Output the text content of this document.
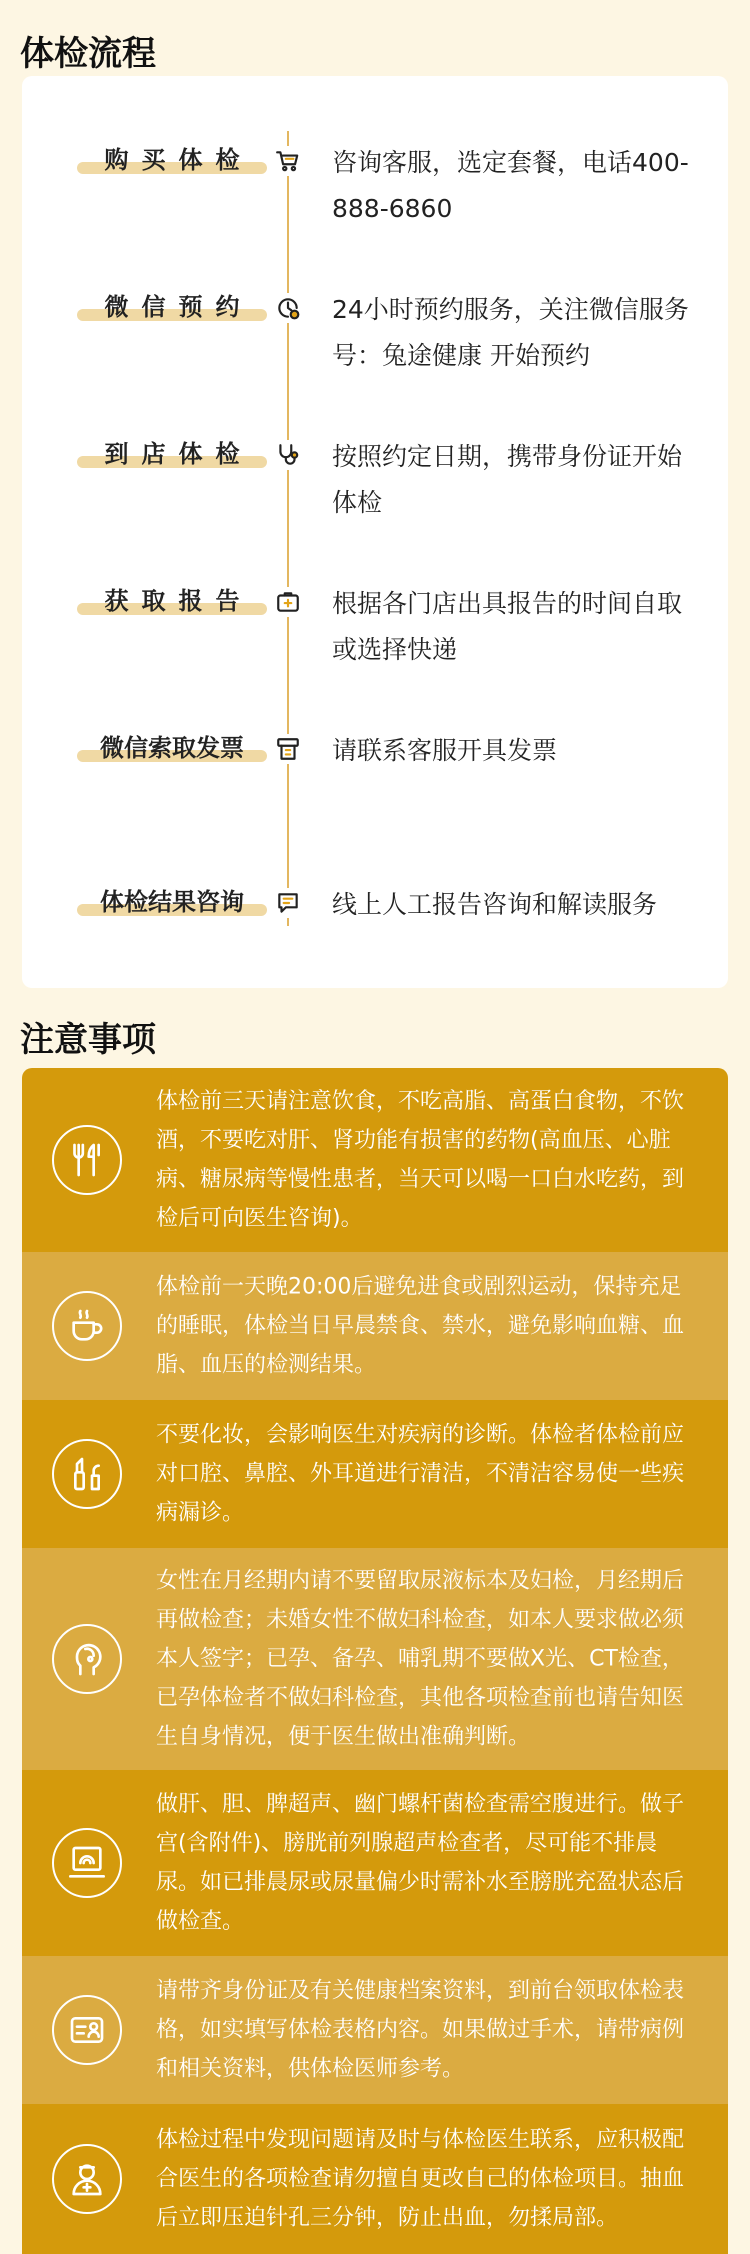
体检流程
购买体检	咨询客服，选定套餐，电话400-888-6860
微信预约	24小时预约服务，关注微信服务号：兔途健康 开始预约
到店体检	按照约定日期，携带身份证开始体检
获取报告	根据各门店出具报告的时间自取或选择快递
微信索取发票	请联系客服开具发票
体检结果咨询	线上人工报告咨询和解读服务
注意事项
体检前三天请注意饮食，不吃高脂、高蛋白食物，不饮酒，不要吃对肝、肾功能有损害的药物(高血压、心脏病、糖尿病等慢性患者，当天可以喝一口白水吃药，到检后可向医生咨询)。
体检前一天晚20:00后避免进食或剧烈运动，保持充足的睡眠，体检当日早晨禁食、禁水，避免影响血糖、血脂、血压的检测结果。
不要化妆，会影响医生对疾病的诊断。体检者体检前应对口腔、鼻腔、外耳道进行清洁，不清洁容易使一些疾病漏诊。
女性在月经期内请不要留取尿液标本及妇检，月经期后再做检查；未婚女性不做妇科检查，如本人要求做必须本人签字；已孕、备孕、哺乳期不要做X光、CT检查，已孕体检者不做妇科检查，其他各项检查前也请告知医生自身情况，便于医生做出准确判断。
做肝、胆、脾超声、幽门螺杆菌检查需空腹进行。做子宫(含附件)、膀胱前列腺超声检查者，尽可能不排晨尿。如已排晨尿或尿量偏少时需补水至膀胱充盈状态后做检查。
请带齐身份证及有关健康档案资料，到前台领取体检表格，如实填写体检表格内容。如果做过手术，请带病例和相关资料，供体检医师参考。
体检过程中发现问题请及时与体检医生联系，应积极配合医生的各项检查请勿擅自更改自己的体检项目。抽血后立即压迫针孔三分钟，防止出血，勿揉局部。
